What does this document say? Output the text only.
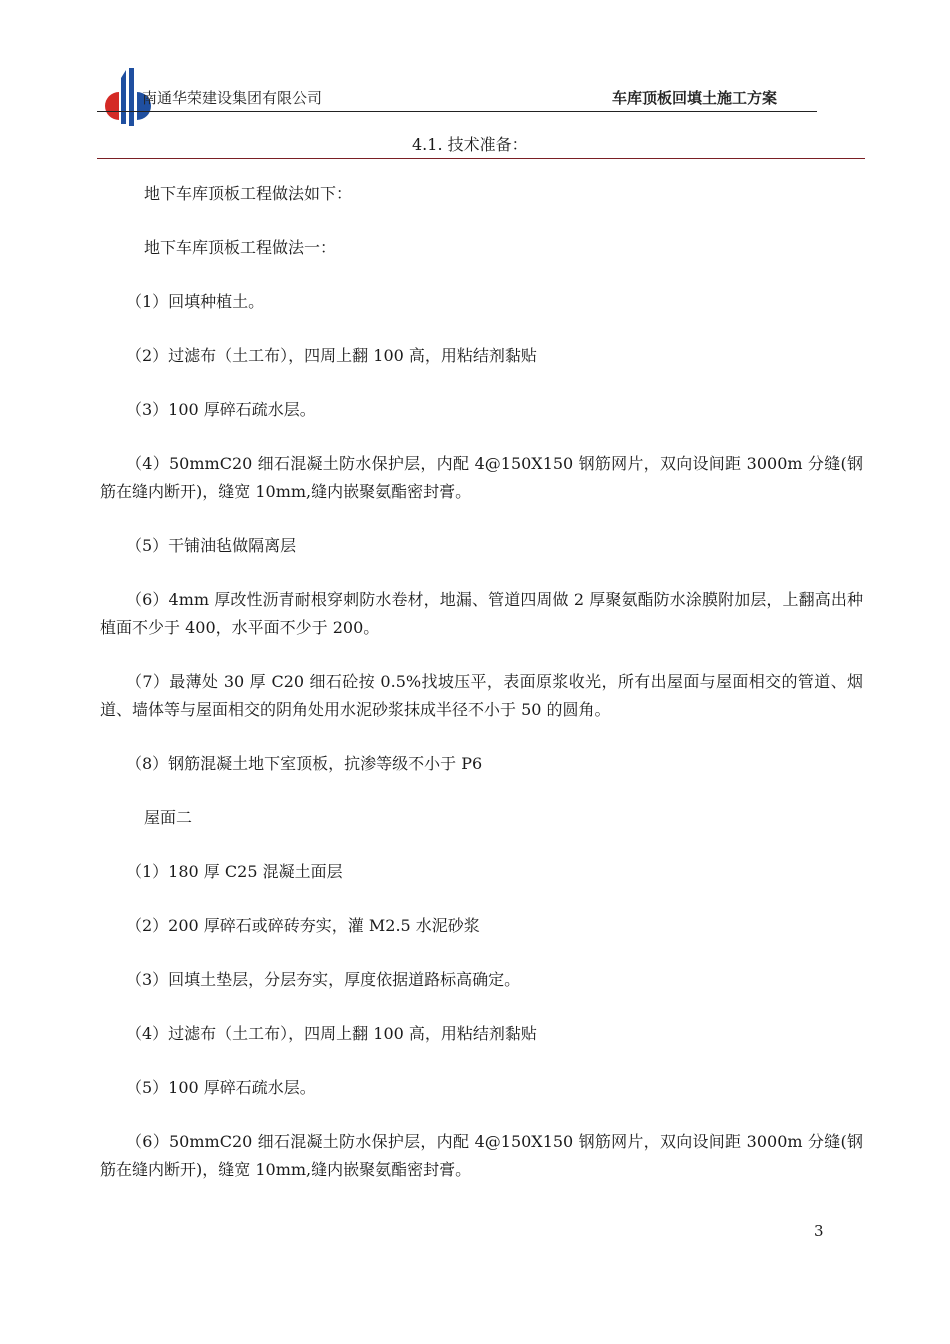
南通华荣建设集团有限公司	车库顶板回填土施工方案
4.1. 技术准备：

地下车库顶板工程做法如下：

地下车库顶板工程做法一：

（1）回填种植土。

（2）过滤布（土工布），四周上翻 100 高，用粘结剂黏贴

（3）100 厚碎石疏水层。

（4）50mmC20 细石混凝土防水保护层，内配 4@150X150 钢筋网片，双向设间距 3000m 分缝(钢筋在缝内断开)，缝宽 10mm,缝内嵌聚氨酯密封膏。

（5）干铺油毡做隔离层

（6）4mm 厚改性沥青耐根穿刺防水卷材，地漏、管道四周做 2 厚聚氨酯防水涂膜附加层，上翻高出种植面不少于 400，水平面不少于 200。

（7）最薄处 30 厚 C20 细石砼按 0.5%找坡压平，表面原浆收光，所有出屋面与屋面相交的管道、烟道、墙体等与屋面相交的阴角处用水泥砂浆抹成半径不小于 50 的圆角。

（8）钢筋混凝土地下室顶板，抗渗等级不小于 P6

屋面二

（1）180 厚 C25 混凝土面层

（2）200 厚碎石或碎砖夯实，灌 M2.5 水泥砂浆

（3）回填土垫层，分层夯实，厚度依据道路标高确定。

（4）过滤布（土工布），四周上翻 100 高，用粘结剂黏贴

（5）100 厚碎石疏水层。

（6）50mmC20 细石混凝土防水保护层，内配 4@150X150 钢筋网片，双向设间距 3000m 分缝(钢筋在缝内断开)，缝宽 10mm,缝内嵌聚氨酯密封膏。

3
